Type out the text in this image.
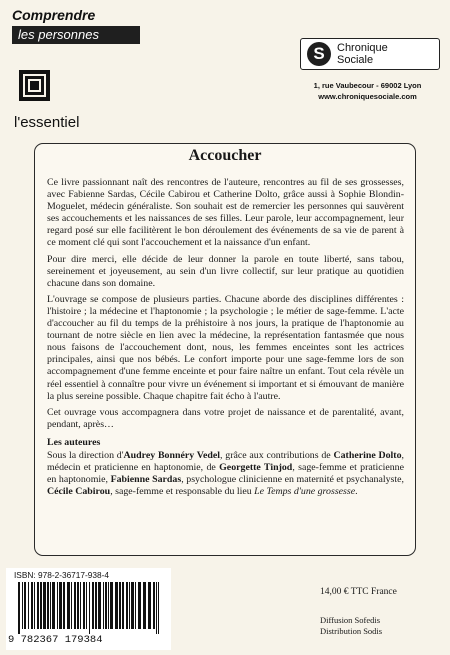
Comprendre
les personnes
l'essentiel
S	Chronique
Sociale
1, rue Vaubecour - 69002 Lyon
www.chroniquesociale.com
Accoucher

Ce livre passionnant naît des rencontres de l'auteure, rencontres au fil de ses grossesses, avec Fabienne Sardas, Cécile Cabirou et Catherine Dolto, grâce aussi à Sophie Blondin-Moguelet, médecin généraliste. Son souhait est de remercier les personnes qui sauvèrent ses accouchements et les naissances de ses filles. Leur parole, leur accompagnement, leur regard posé sur elle facilitèrent le bon déroulement des événements de sa vie de parent à ce moment clé qui sont l'accouchement et la naissance d'un enfant.

Pour dire merci, elle décide de leur donner la parole en toute liberté, sans tabou, sereinement et joyeusement, au sein d'un livre collectif, sur leur pratique au quotidien chacune dans son domaine.

L'ouvrage se compose de plusieurs parties. Chacune aborde des disciplines différentes : l'histoire ; la médecine et l'haptonomie ; la psychologie ; le métier de sage-femme. L'acte d'accoucher au fil du temps de la préhistoire à nos jours, la pratique de l'haptonomie au tournant de notre siècle en lien avec la médecine, la représentation fantasmée que nous nous faisons de l'accouchement dont, nous, les femmes enceintes sont les actrices principales, ainsi que nos bébés. Le confort importe pour une sage-femme lors de son accompagnement d'une femme enceinte et pour faire naître un enfant. Tout cela révèle un réel essentiel à connaître pour vivre un événement si important et si émouvant de manière la plus sereine possible. Chaque chapitre fait écho à l'autre.

Cet ouvrage vous accompagnera dans votre projet de naissance et de parentalité, avant, pendant, après…

Les auteures

Sous la direction d'Audrey Bonnéry Vedel, grâce aux contributions de Catherine Dolto, médecin et praticienne en haptonomie, de Georgette Tinjod, sage-femme et praticienne en haptonomie, Fabienne Sardas, psychologue clinicienne en maternité et psychanalyste, Cécile Cabirou, sage-femme et responsable du lieu Le Temps d'une grossesse.

ISBN: 978-2-36717-938-4
9 782367 179384
14,00 € TTC France
Diffusion Sofedis
Distribution Sodis
